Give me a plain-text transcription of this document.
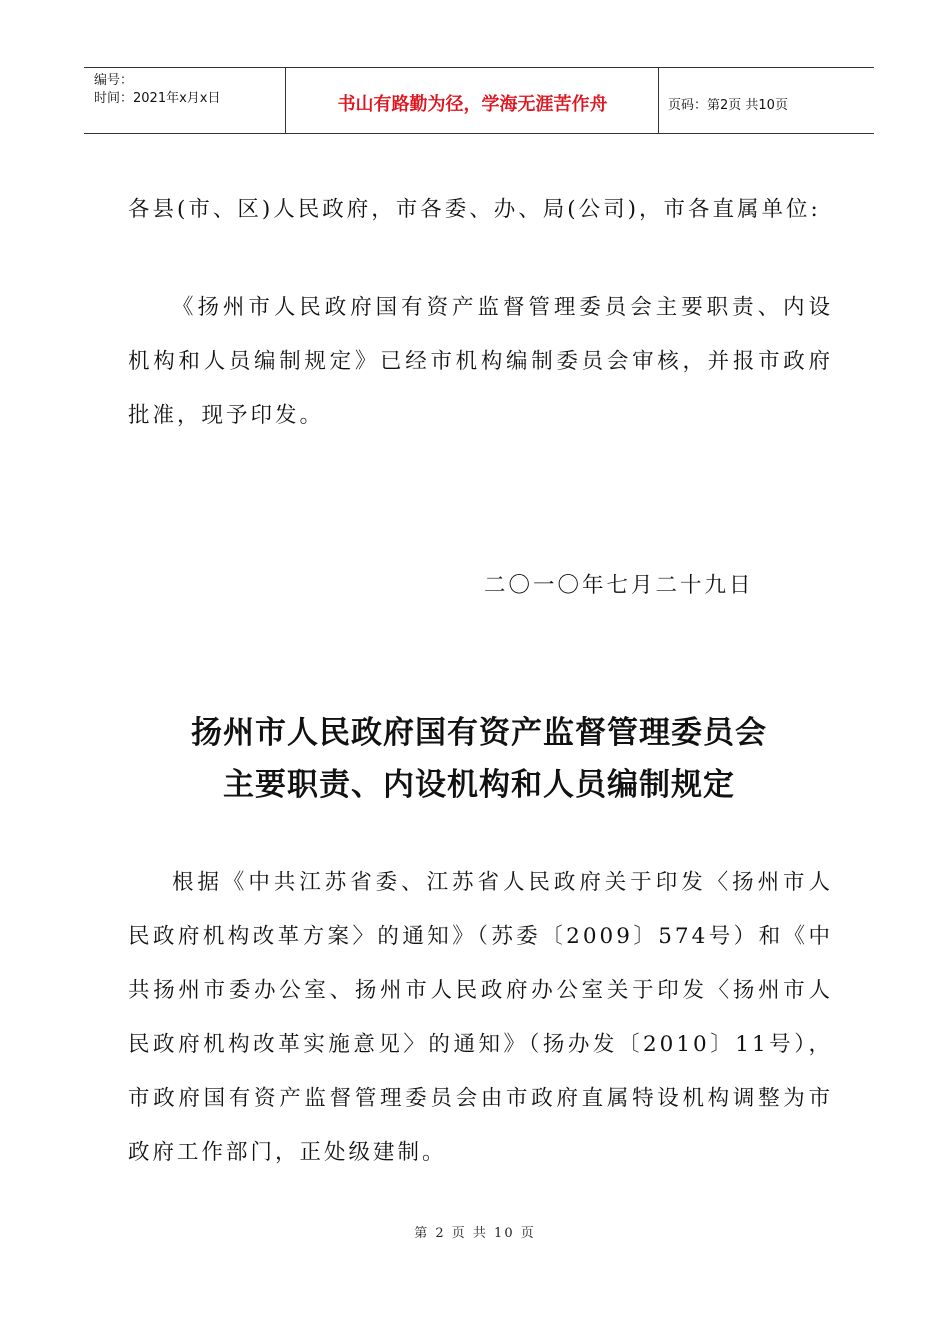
编号：
时间：2021年x月x日	书山有路勤为径，学海无涯苦作舟	页码：第2页 共10页
各县(市、区)人民政府，市各委、办、局(公司)，市各直属单位:
《扬州市人民政府国有资产监督管理委员会主要职责、内设机构和人员编制规定》已经市机构编制委员会审核，并报市政府批准，现予印发。
二〇一〇年七月二十九日
扬州市人民政府国有资产监督管理委员会
主要职责、内设机构和人员编制规定
根据《中共江苏省委、江苏省人民政府关于印发〈扬州市人民政府机构改革方案〉的通知》（苏委〔2009〕574号）和《中共扬州市委办公室、扬州市人民政府办公室关于印发〈扬州市人民政府机构改革实施意见〉的通知》（扬办发〔2010〕11号），市政府国有资产监督管理委员会由市政府直属特设机构调整为市政府工作部门，正处级建制。
第 2 页 共 10 页
